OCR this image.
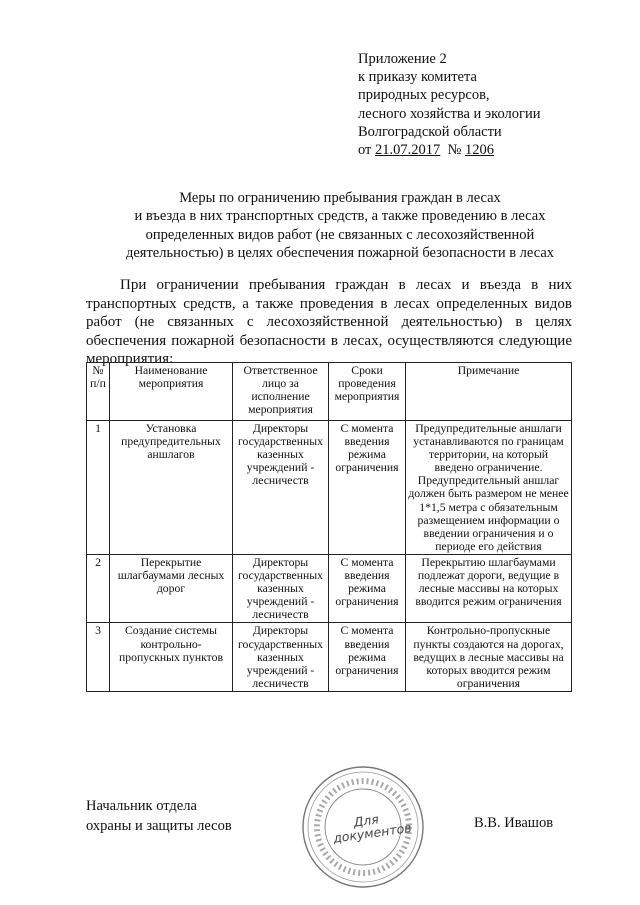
Приложение 2
к приказу комитета
природных ресурсов,
лесного хозяйства и экологии
Волгоградской области
от 21.07.2017 № 1206
Меры по ограничению пребывания граждан в лесах
и въезда в них транспортных средств, а также проведению в лесах
определенных видов работ (не связанных с лесохозяйственной
деятельностью) в целях обеспечения пожарной безопасности в лесах
При ограничении пребывания граждан в лесах и въезда в них
транспортных средств, а также проведения в лесах определенных видов работ (не связанных с лесохозяйственной деятельностью) в целях обеспечения пожарной безопасности в лесах, осуществляются следующие мероприятия:
№ п/п	Наименование мероприятия	Ответственное лицо за исполнение мероприятия	Сроки проведения мероприятия	Примечание
1	Установка предупредительных аншлагов	Директоры государственных казенных учреждений - лесничеств	С момента введения режима ограничения	Предупредительные аншлаги устанавливаются по границам территории, на который введено ограничение. Предупредительный аншлаг должен быть размером не менее 1*1,5 метра с обязательным размещением информации о введении ограничения и о периоде его действия
2	Перекрытие шлагбаумами лесных дорог	Директоры государственных казенных учреждений - лесничеств	С момента введения режима ограничения	Перекрытию шлагбаумами подлежат дороги, ведущие в лесные массивы на которых вводится режим ограничения
3	Создание системы контрольно-пропускных пунктов	Директоры государственных казенных учреждений - лесничеств	С момента введения режима ограничения	Контрольно-пропускные пункты создаются на дорогах, ведущих в лесные массивы на которых вводится режим ограничения
Начальник отдела
охраны и защиты лесов	Для документов	В.В. Ивашов
